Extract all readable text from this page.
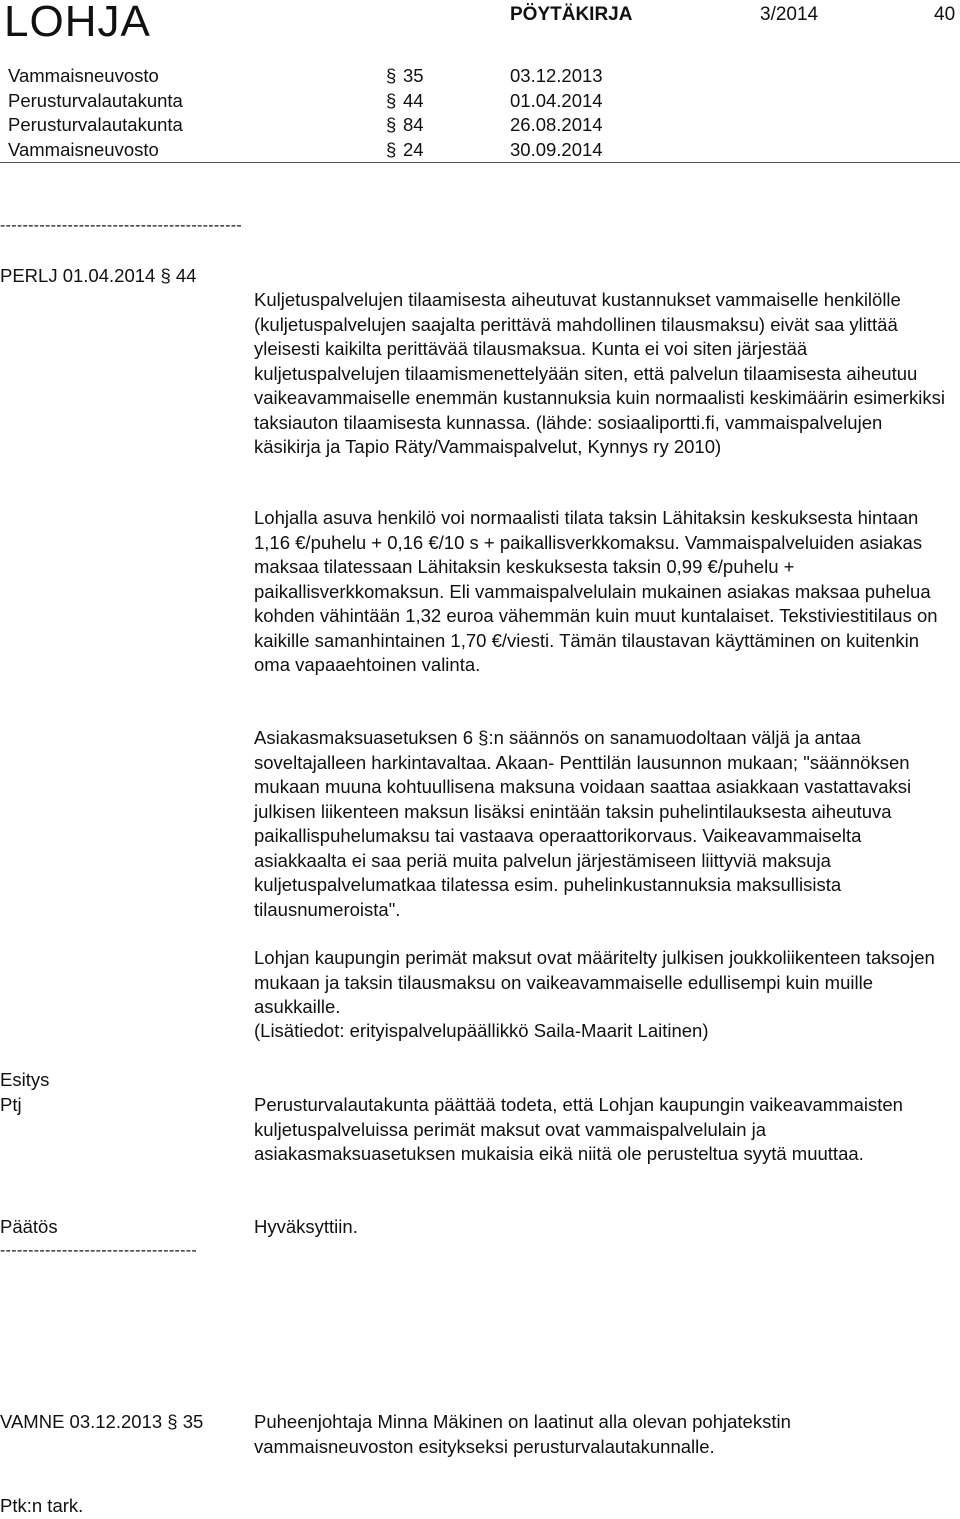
LOHJA	PÖYTÄKIRJA	3/2014	40
Vammaisneuvosto	§ 35	03.12.2013
Perusturvalautakunta	§ 44	01.04.2014
Perusturvalautakunta	§ 84	26.08.2014
Vammaisneuvosto	§ 24	30.09.2014
-------------------------------------------
PERLJ 01.04.2014 § 44

Kuljetuspalvelujen tilaamisesta aiheutuvat kustannukset vammaiselle henkilölle (kuljetuspalvelujen saajalta perittävä mahdollinen tilausmaksu) eivät saa ylittää yleisesti kaikilta perittävää tilausmaksua. Kunta ei voi siten järjestää kuljetuspalvelujen tilaamismenettelyään siten, että palvelun tilaamisesta aiheutuu vaikeavammaiselle enemmän kustannuksia kuin normaalisti keskimäärin esimerkiksi taksiauton tilaamisesta kunnassa. (lähde: sosiaaliportti.fi, vammaispalvelujen käsikirja ja Tapio Räty/Vammaispalvelut, Kynnys ry 2010)

Lohjalla asuva henkilö voi normaalisti tilata taksin Lähitaksin keskuksesta hintaan 1,16 €/puhelu + 0,16 €/10 s + paikallisverkkomaksu. Vammaispalveluiden asiakas maksaa tilatessaan Lähitaksin keskuksesta taksin 0,99 €/puhelu + paikallisverkkomaksun. Eli vammaispalvelulain mukainen asiakas maksaa puhelua kohden vähintään 1,32 euroa vähemmän kuin muut kuntalaiset. Tekstiviestitilaus on kaikille samanhintainen 1,70 €/viesti. Tämän tilaustavan käyttäminen on kuitenkin oma vapaaehtoinen valinta.

Asiakasmaksuasetuksen 6 §:n säännös on sanamuodoltaan väljä ja antaa soveltajalleen harkintavaltaa. Akaan- Penttilän lausunnon mukaan; "säännöksen mukaan muuna kohtuullisena maksuna voidaan saattaa asiakkaan vastattavaksi julkisen liikenteen maksun lisäksi enintään taksin puhelintilauksesta aiheutuva paikallispuhelumaksu tai vastaava operaattorikorvaus. Vaikeavammaiselta asiakkaalta ei saa periä muita palvelun järjestämiseen liittyviä maksuja kuljetuspalvelumatkaa tilatessa esim. puhelinkustannuksia maksullisista tilausnumeroista".

Lohjan kaupungin perimät maksut ovat määritelty julkisen joukkoliikenteen taksojen mukaan ja taksin tilausmaksu on vaikeavammaiselle edullisempi kuin muille asukkaille.

(Lisätiedot: erityispalvelupäällikkö Saila-Maarit Laitinen)

Esitys
Ptj	Perusturvalautakunta päättää todeta, että Lohjan kaupungin vaikeavammaisten kuljetuspalveluissa perimät maksut ovat vammaispalvelulain ja asiakasmaksuasetuksen mukaisia eikä niitä ole perusteltua syytä muuttaa.

Päätös	Hyväksyttiin.

-----------------------------------
VAMNE 03.12.2013 § 35	Puheenjohtaja Minna Mäkinen on laatinut alla olevan pohjatekstin vammaisneuvoston esitykseksi perusturvalautakunnalle.

Ptk:n tark.
